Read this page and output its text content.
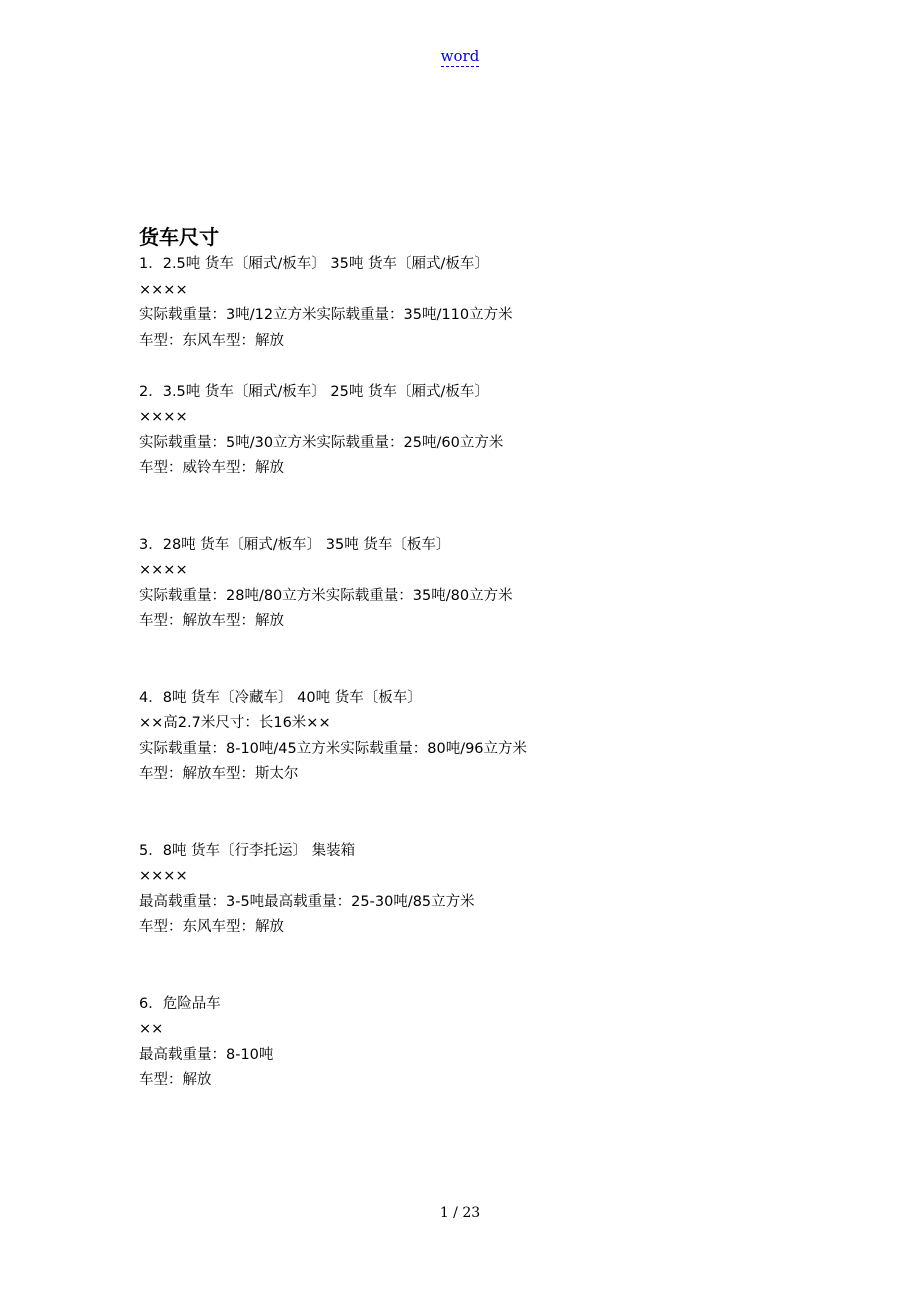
word
货车尺寸

1．2.5吨 货车〔厢式/板车〕 35吨 货车〔厢式/板车〕

××××

实际载重量：3吨/12立方米实际载重量：35吨/110立方米

车型：东风车型：解放

2．3.5吨 货车〔厢式/板车〕 25吨 货车〔厢式/板车〕

××××

实际载重量：5吨/30立方米实际载重量：25吨/60立方米

车型：威铃车型：解放

3．28吨 货车〔厢式/板车〕 35吨 货车〔板车〕

××××

实际载重量：28吨/80立方米实际载重量：35吨/80立方米

车型：解放车型：解放

4．8吨 货车〔冷藏车〕 40吨 货车〔板车〕

××高2.7米尺寸：长16米××

实际载重量：8-10吨/45立方米实际载重量：80吨/96立方米

车型：解放车型：斯太尔

5．8吨 货车〔行李托运〕 集装箱

××××

最高载重量：3-5吨最高载重量：25-30吨/85立方米

车型：东风车型：解放

6．危险品车

××

最高载重量：8-10吨

车型：解放

1 / 23
